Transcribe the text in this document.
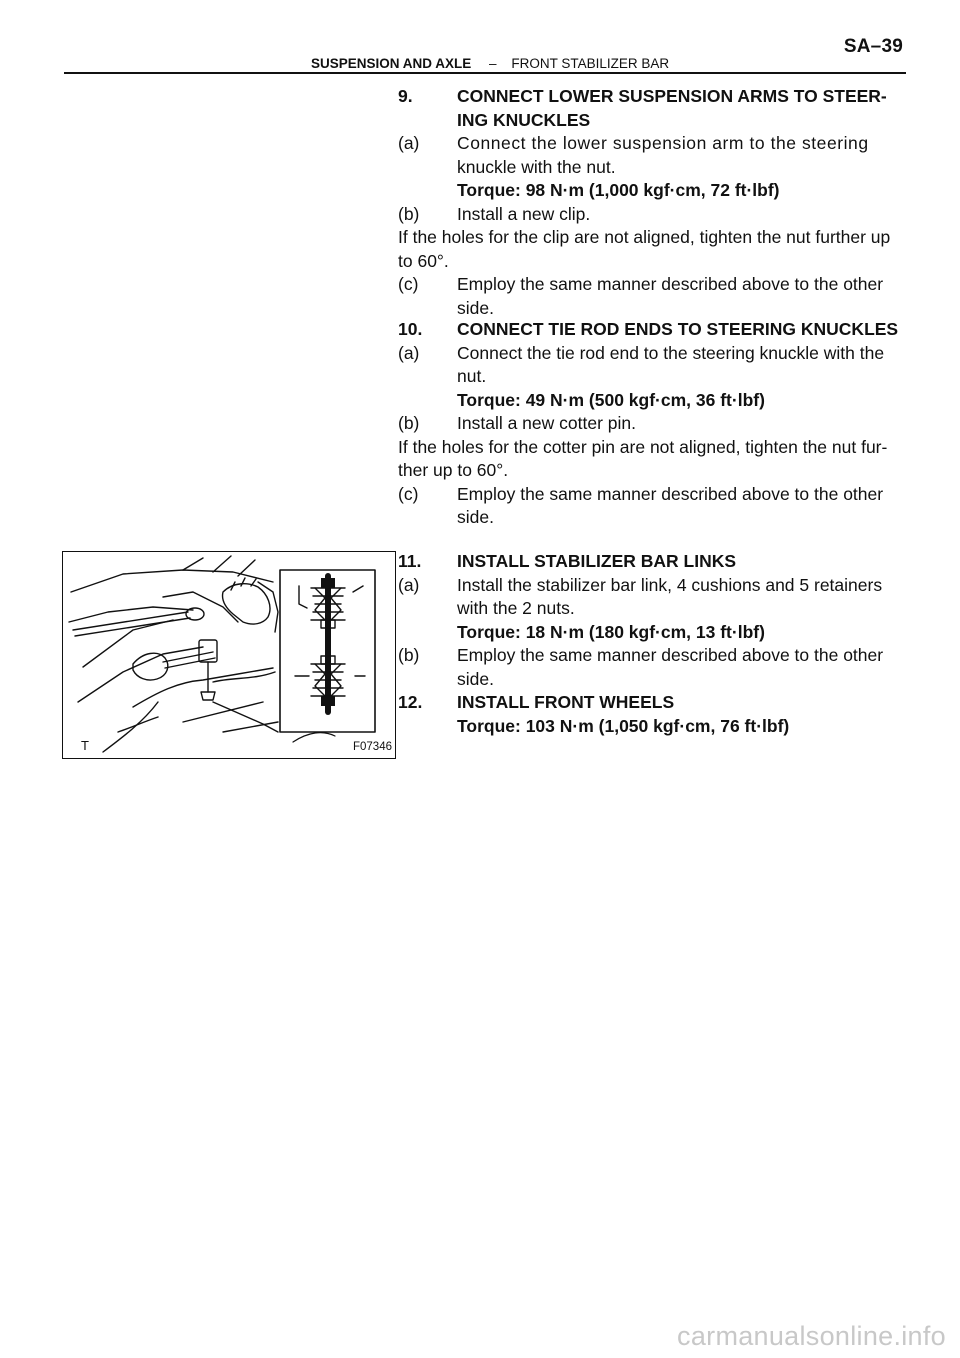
SA–39
SUSPENSION AND AXLE – FRONT STABILIZER BAR
9.	CONNECT LOWER SUSPENSION ARMS TO STEER-
ING KNUCKLES
(a) Connect the lower suspension arm to the steering
knuckle with the nut.
Torque: 98 N·m (1,000 kgf·cm, 72 ft·lbf)
(b) Install a new clip.
If the holes for the clip are not aligned, tighten the nut further up
to 60°.
(c) Employ the same manner described above to the other
side.
10. CONNECT TIE ROD ENDS TO STEERING KNUCKLES
(a) Connect the tie rod end to the steering knuckle with the
nut.
Torque: 49 N·m (500 kgf·cm, 36 ft·lbf)
(b) Install a new cotter pin.
If the holes for the cotter pin are not aligned, tighten the nut fur-
ther up to 60°.
(c) Employ the same manner described above to the other
side.
11. INSTALL STABILIZER BAR LINKS
(a) Install the stabilizer bar link, 4 cushions and 5 retainers
with the 2 nuts.
Torque: 18 N·m (180 kgf·cm, 13 ft·lbf)
(b) Employ the same manner described above to the other
side.
12. INSTALL FRONT WHEELS
Torque: 103 N·m (1,050 kgf·cm, 76 ft·lbf)
T	F07346
carmanualsonline.info
